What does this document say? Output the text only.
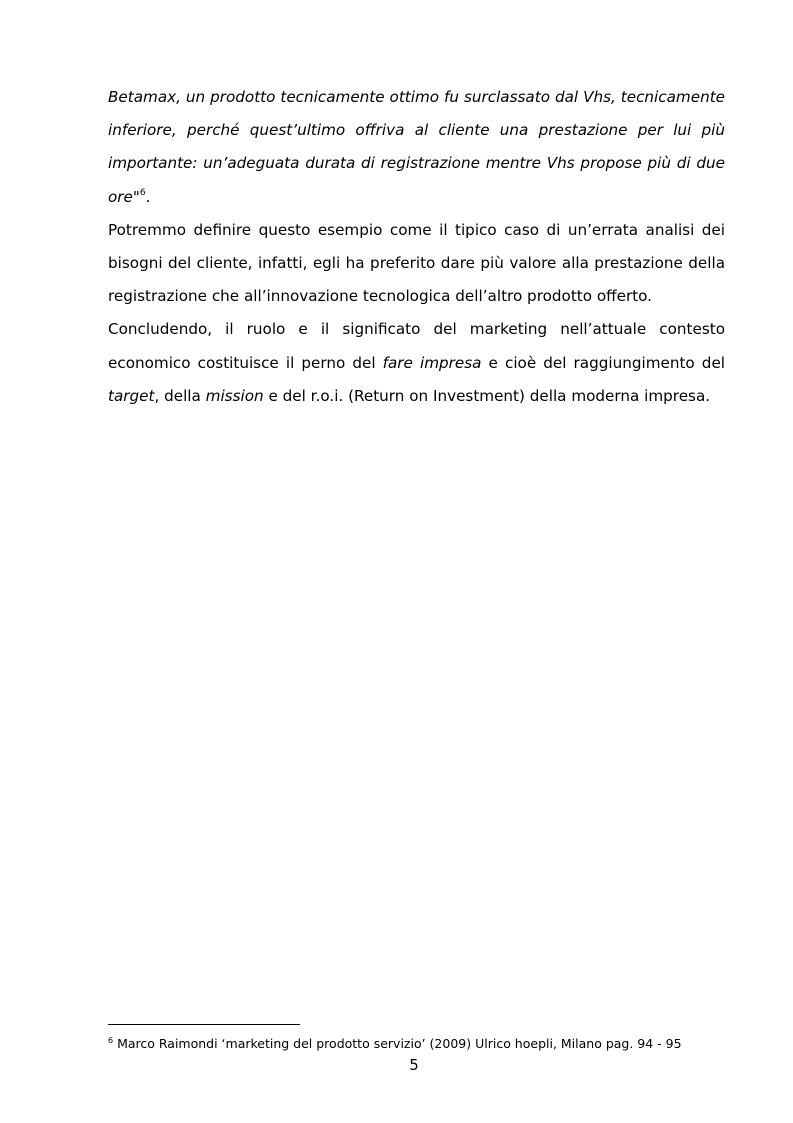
Betamax, un prodotto tecnicamente ottimo fu surclassato dal Vhs, tecnicamente inferiore, perché quest’ultimo offriva al cliente una prestazione per lui più importante: un’adeguata durata di registrazione mentre Vhs propose più di due ore"$^6$.

Potremmo definire questo esempio come il tipico caso di un’errata analisi dei bisogni del cliente, infatti, egli ha preferito dare più valore alla prestazione della registrazione che all’innovazione tecnologica dell’altro prodotto offerto.

Concludendo, il ruolo e il significato del marketing nell’attuale contesto economico costituisce il perno del fare impresa e cioè del raggiungimento del target, della mission e del r.o.i. (Return on Investment) della moderna impresa.

$^6$ Marco Raimondi ‘marketing del prodotto servizio’ (2009) Ulrico hoepli, Milano pag. 94 - 95
5
